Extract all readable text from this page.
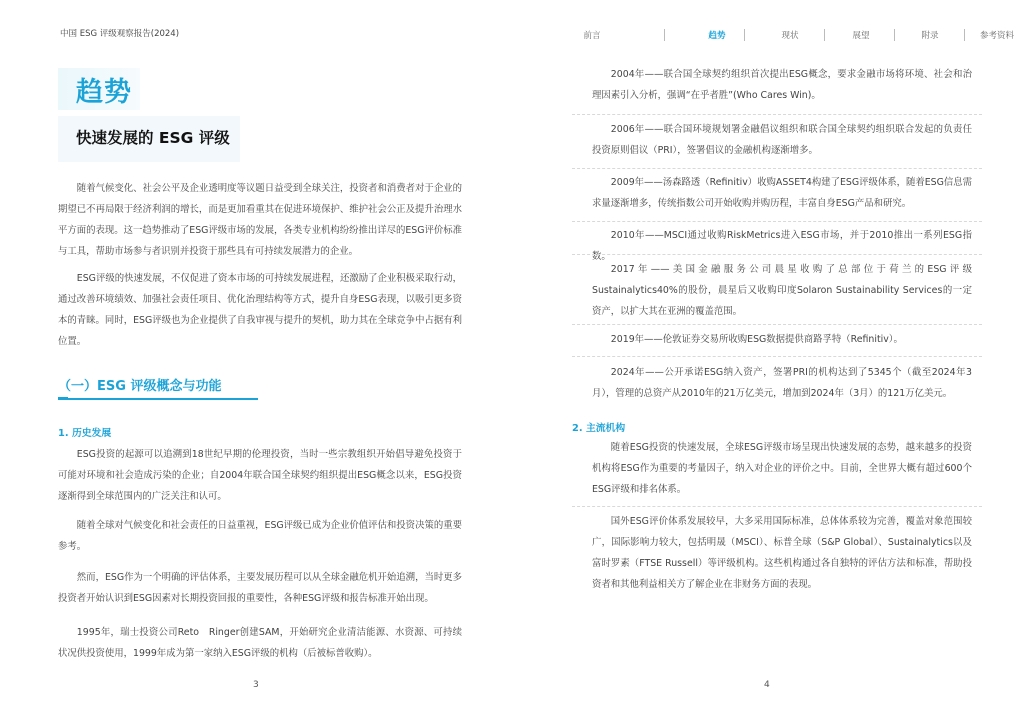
中国 ESG 评级观察报告(2024)
趋势
快速发展的 ESG 评级
随着气候变化、社会公平及企业透明度等议题日益受到全球关注，投资者和消费者对于企业的期望已不再局限于经济利润的增长，而是更加看重其在促进环境保护、维护社会公正及提升治理水平方面的表现。这一趋势推动了ESG评级市场的发展，各类专业机构纷纷推出详尽的ESG评价标准与工具，帮助市场参与者识别并投资于那些具有可持续发展潜力的企业。
ESG评级的快速发展，不仅促进了资本市场的可持续发展进程，还激励了企业积极采取行动，通过改善环境绩效、加强社会责任项目、优化治理结构等方式，提升自身ESG表现，以吸引更多资本的青睐。同时，ESG评级也为企业提供了自我审视与提升的契机，助力其在全球竞争中占据有利位置。
（一）ESG 评级概念与功能
1. 历史发展
ESG投资的起源可以追溯到18世纪早期的伦理投资，当时一些宗教组织开始倡导避免投资于可能对环境和社会造成污染的企业；自2004年联合国全球契约组织提出ESG概念以来，ESG投资逐渐得到全球范围内的广泛关注和认可。
随着全球对气候变化和社会责任的日益重视，ESG评级已成为企业价值评估和投资决策的重要参考。
然而，ESG作为一个明确的评估体系，主要发展历程可以从全球金融危机开始追溯，当时更多投资者开始认识到ESG因素对长期投资回报的重要性，各种ESG评级和报告标准开始出现。
1995年，瑞士投资公司Reto　Ringer创建SAM，开始研究企业清洁能源、水资源、可持续状况供投资使用，1999年成为第一家纳入ESG评级的机构（后被标普收购）。
3
前言	趋势	现状	展望	附录	参考资料
2004年——联合国全球契约组织首次提出ESG概念，要求金融市场将环境、社会和治理因素引入分析，强调“在乎者胜”(Who Cares Win)。
2006年——联合国环境规划署金融倡议组织和联合国全球契约组织联合发起的负责任投资原则倡议（PRI），签署倡议的金融机构逐渐增多。
2009年——汤森路透（Refinitiv）收购ASSET4构建了ESG评级体系，随着ESG信息需求量逐渐增多，传统指数公司开始收购并购历程，丰富自身ESG产品和研究。
2010年——MSCI通过收购RiskMetrics进入ESG市场，并于2010推出一系列ESG指数。
2017年——美国金融服务公司晨星收购了总部位于荷兰的ESG评级Sustainalytics40%的股份，晨星后又收购印度Solaron Sustainability Services的一定资产，以扩大其在亚洲的覆盖范围。
2019年——伦敦证券交易所收购ESG数据提供商路孚特（Refinitiv）。
2024年——公开承诺ESG纳入资产，签署PRI的机构达到了5345个（截至2024年3月），管理的总资产从2010年的21万亿美元，增加到2024年（3月）的121万亿美元。
2. 主流机构
随着ESG投资的快速发展，全球ESG评级市场呈现出快速发展的态势，越来越多的投资机构将ESG作为重要的考量因子，纳入对企业的评价之中。目前，全世界大概有超过600个ESG评级和排名体系。
国外ESG评价体系发展较早，大多采用国际标准，总体体系较为完善，覆盖对象范围较广，国际影响力较大，包括明晟（MSCI）、标普全球（S&P Global）、Sustainalytics以及富时罗素（FTSE Russell）等评级机构。这些机构通过各自独特的评估方法和标准，帮助投资者和其他利益相关方了解企业在非财务方面的表现。
4
